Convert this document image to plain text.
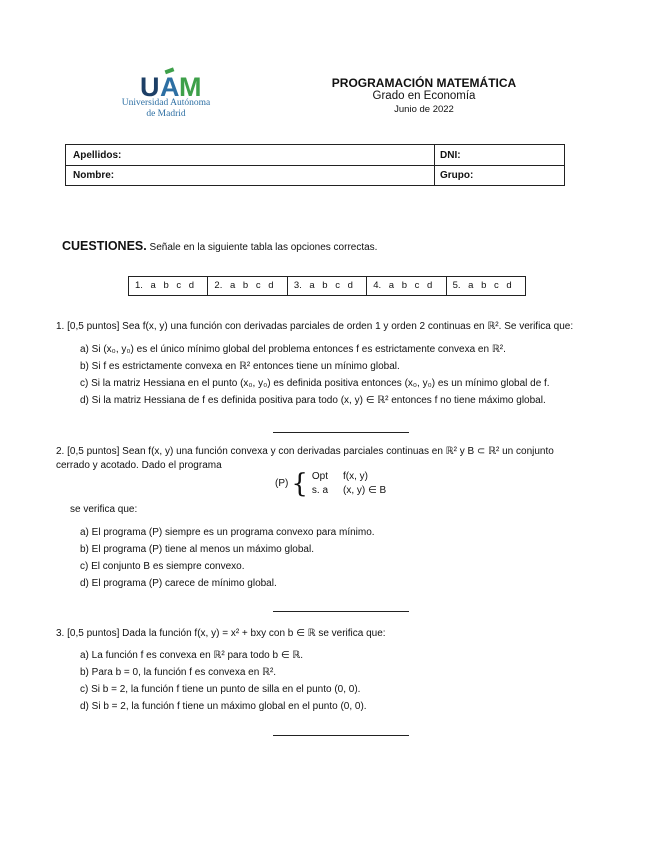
U A M
Universidad Autónoma
de Madrid
PROGRAMACIÓN MATEMÁTICA
Grado en Economía
Junio de 2022
Apellidos:	DNI:
Nombre:	Grupo:
CUESTIONES. Señale en la siguiente tabla las opciones correctas.
1. a b c d	2. a b c d	3. a b c d	4. a b c d	5. a b c d
1. [0,5 puntos] Sea f(x, y) una función con derivadas parciales de orden 1 y orden 2 continuas en ℝ². Se verifica que:
a) Si (x₀, y₀) es el único mínimo global del problema entonces f es estrictamente convexa en ℝ².
b) Si f es estrictamente convexa en ℝ² entonces tiene un mínimo global.
c) Si la matriz Hessiana en el punto (x₀, y₀) es definida positiva entonces (x₀, y₀) es un mínimo global de f.
d) Si la matriz Hessiana de f es definida positiva para todo (x, y) ∈ ℝ² entonces f no tiene máximo global.
2. [0,5 puntos] Sean f(x, y) una función convexa y con derivadas parciales continuas en ℝ² y B ⊂ ℝ² un conjunto cerrado y acotado. Dado el programa
(P)	{	Opt	f(x, y)
		s. a	(x, y) ∈ B
se verifica que:
a) El programa (P) siempre es un programa convexo para mínimo.
b) El programa (P) tiene al menos un máximo global.
c) El conjunto B es siempre convexo.
d) El programa (P) carece de mínimo global.
3. [0,5 puntos] Dada la función f(x, y) = x² + bxy con b ∈ ℝ se verifica que:
a) La función f es convexa en ℝ² para todo b ∈ ℝ.
b) Para b = 0, la función f es convexa en ℝ².
c) Si b = 2, la función f tiene un punto de silla en el punto (0, 0).
d) Si b = 2, la función f tiene un máximo global en el punto (0, 0).
